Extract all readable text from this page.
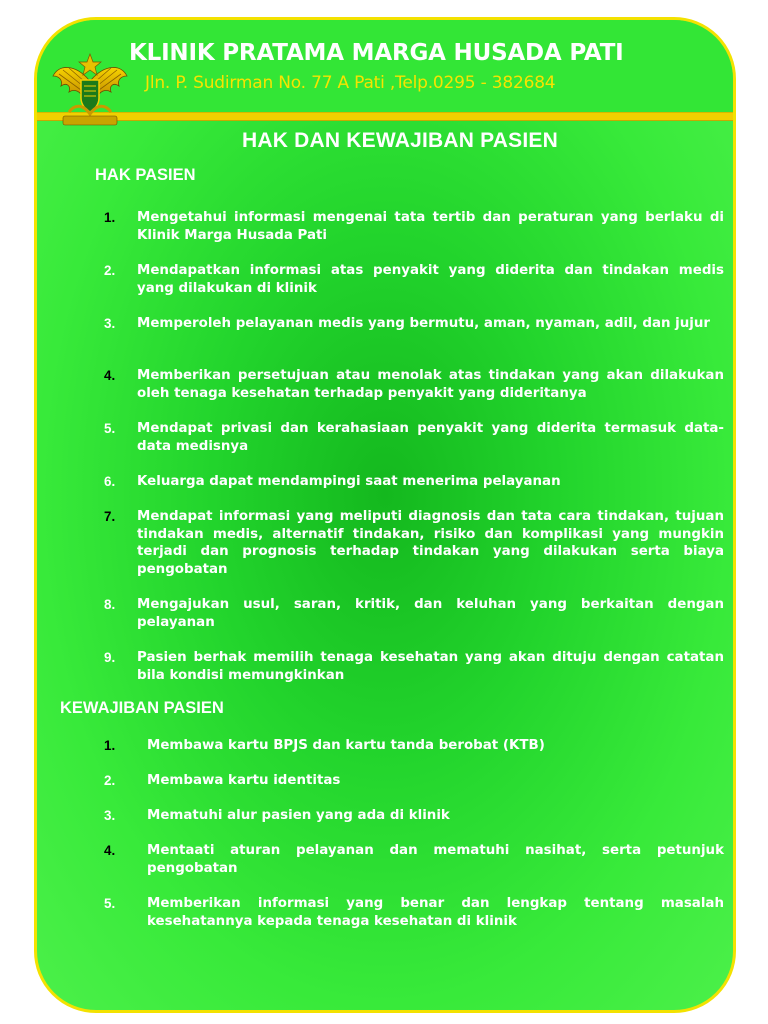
KLINIK PRATAMA MARGA HUSADA PATI
Jln. P. Sudirman No. 77 A Pati ,Telp.0295 - 382684
HAK DAN KEWAJIBAN PASIEN
HAK PASIEN
1.	Mengetahui informasi mengenai tata tertib dan peraturan yang berlaku di Klinik Marga Husada Pati
2.	Mendapatkan informasi atas penyakit yang diderita dan tindakan medis yang dilakukan di klinik
3.	Memperoleh pelayanan medis yang bermutu, aman, nyaman, adil, dan jujur
4.	Memberikan persetujuan atau menolak atas tindakan yang akan dilakukan oleh tenaga kesehatan terhadap penyakit yang dideritanya
5.	Mendapat privasi dan kerahasiaan penyakit yang diderita termasuk data-data medisnya
6.	Keluarga dapat mendampingi saat menerima pelayanan
7.	Mendapat informasi yang meliputi diagnosis dan tata cara tindakan, tujuan tindakan medis, alternatif tindakan, risiko dan komplikasi yang mungkin terjadi dan prognosis terhadap tindakan yang dilakukan serta biaya pengobatan
8.	Mengajukan usul, saran, kritik, dan keluhan yang berkaitan dengan pelayanan
9.	Pasien berhak memilih tenaga kesehatan yang akan dituju dengan catatan bila kondisi memungkinkan
KEWAJIBAN PASIEN
1.	Membawa kartu BPJS dan kartu tanda berobat (KTB)
2.	Membawa kartu identitas
3.	Mematuhi alur pasien yang ada di klinik
4.	Mentaati aturan pelayanan dan mematuhi nasihat, serta petunjuk pengobatan
5.	Memberikan informasi yang benar dan lengkap tentang masalah kesehatannya kepada tenaga kesehatan di klinik
